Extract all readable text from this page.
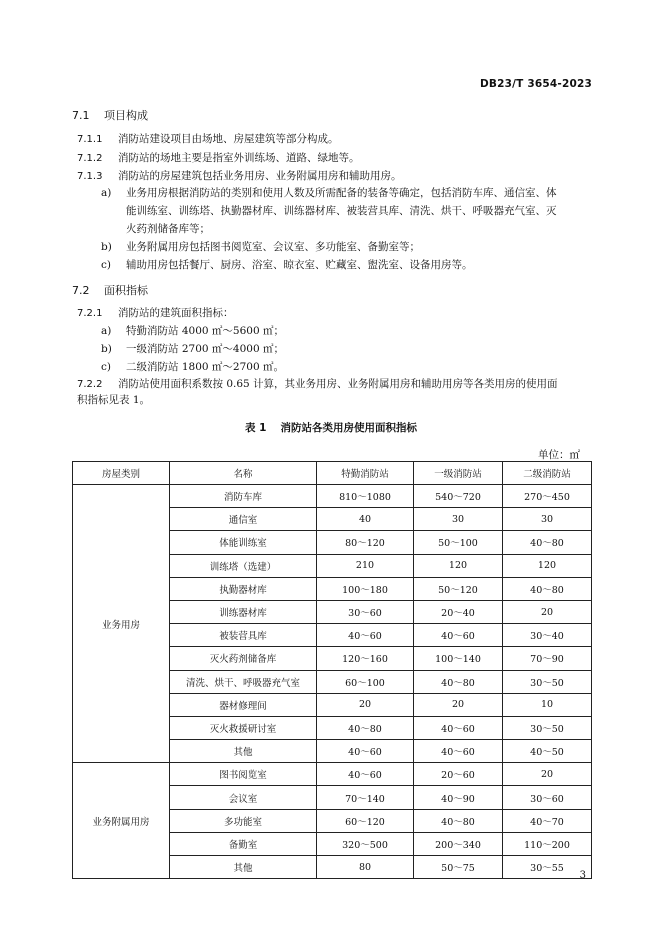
DB23/T 3654-2023
7.1 项目构成
7.1.1 消防站建设项目由场地、房屋建筑等部分构成。
7.1.2 消防站的场地主要是指室外训练场、道路、绿地等。
7.1.3 消防站的房屋建筑包括业务用房、业务附属用房和辅助用房。
a) 业务用房根据消防站的类别和使用人数及所需配备的装备等确定，包括消防车库、通信室、体
能训练室、训练塔、执勤器材库、训练器材库、被装营具库、清洗、烘干、呼吸器充气室、灭
火药剂储备库等；
b) 业务附属用房包括图书阅览室、会议室、多功能室、备勤室等；
c) 辅助用房包括餐厅、厨房、浴室、晾衣室、贮藏室、盥洗室、设备用房等。
7.2 面积指标
7.2.1 消防站的建筑面积指标：
a) 特勤消防站 4000 ㎡～5600 ㎡；
b) 一级消防站 2700 ㎡～4000 ㎡；
c) 二级消防站 1800 ㎡～2700 ㎡。
7.2.2 消防站使用面积系数按 0.65 计算，其业务用房、业务附属用房和辅助用房等各类用房的使用面
积指标见表 1。
表 1 消防站各类用房使用面积指标
单位：㎡
房屋类别	名称	特勤消防站	一级消防站	二级消防站
业务用房	消防车库	810～1080	540～720	270～450
	通信室	40	30	30
	体能训练室	80～120	50～100	40～80
	训练塔（选建）	210	120	120
	执勤器材库	100～180	50～120	40～80
	训练器材库	30～60	20～40	20
	被装营具库	40～60	40～60	30～40
	灭火药剂储备库	120～160	100～140	70～90
	清洗、烘干、呼吸器充气室	60～100	40～80	30～50
	器材修理间	20	20	10
	灭火救援研讨室	40～80	40～60	30～50
	其他	40～60	40～60	40～50
业务附属用房	图书阅览室	40～60	20～60	20
	会议室	70～140	40～90	30～60
	多功能室	60～120	40～80	40～70
	备勤室	320～500	200～340	110～200
	其他	80	50～75	30～55
3
